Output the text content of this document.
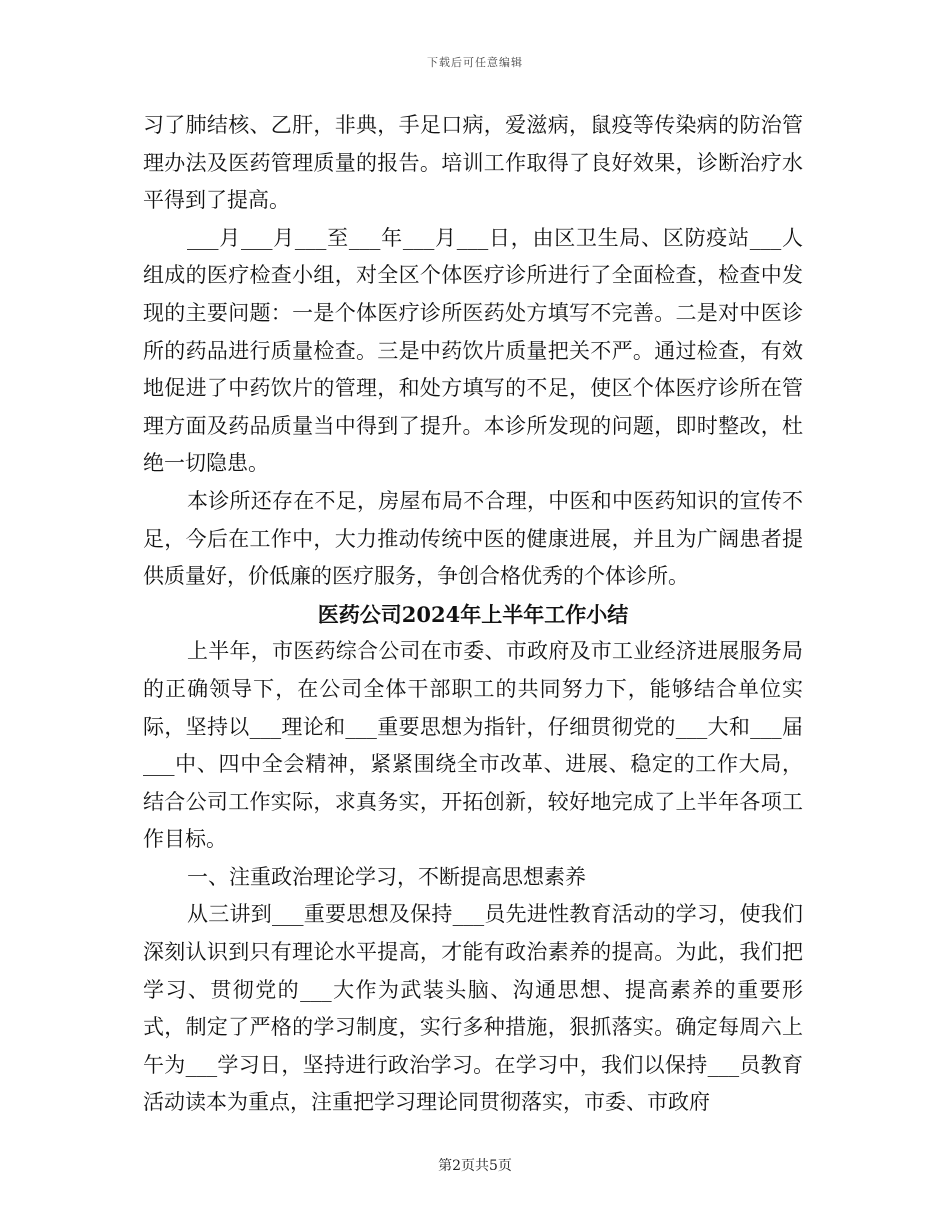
下载后可任意编辑

习了肺结核、乙肝，非典，手足口病，爱滋病，鼠疫等传染病的防治管理办法及医药管理质量的报告。培训工作取得了良好效果，诊断治疗水平得到了提高。

___月___月___至___年___月___日，由区卫生局、区防疫站___人组成的医疗检查小组，对全区个体医疗诊所进行了全面检查，检查中发现的主要问题：一是个体医疗诊所医药处方填写不完善。二是对中医诊所的药品进行质量检查。三是中药饮片质量把关不严。通过检查，有效地促进了中药饮片的管理，和处方填写的不足，使区个体医疗诊所在管理方面及药品质量当中得到了提升。本诊所发现的问题，即时整改，杜绝一切隐患。

本诊所还存在不足，房屋布局不合理，中医和中医药知识的宣传不足，今后在工作中，大力推动传统中医的健康进展，并且为广阔患者提供质量好，价低廉的医疗服务，争创合格优秀的个体诊所。

医药公司2024年上半年工作小结

上半年，市医药综合公司在市委、市政府及市工业经济进展服务局的正确领导下，在公司全体干部职工的共同努力下，能够结合单位实际，坚持以___理论和___重要思想为指针，仔细贯彻党的___大和___届___中、四中全会精神，紧紧围绕全市改革、进展、稳定的工作大局，结合公司工作实际，求真务实，开拓创新，较好地完成了上半年各项工作目标。

一、注重政治理论学习，不断提高思想素养

从三讲到___重要思想及保持___员先进性教育活动的学习，使我们深刻认识到只有理论水平提高，才能有政治素养的提高。为此，我们把学习、贯彻党的___大作为武装头脑、沟通思想、提高素养的重要形式，制定了严格的学习制度，实行多种措施，狠抓落实。确定每周六上午为___学习日，坚持进行政治学习。在学习中，我们以保持___员教育活动读本为重点，注重把学习理论同贯彻落实，市委、市政府

第2页共5页
